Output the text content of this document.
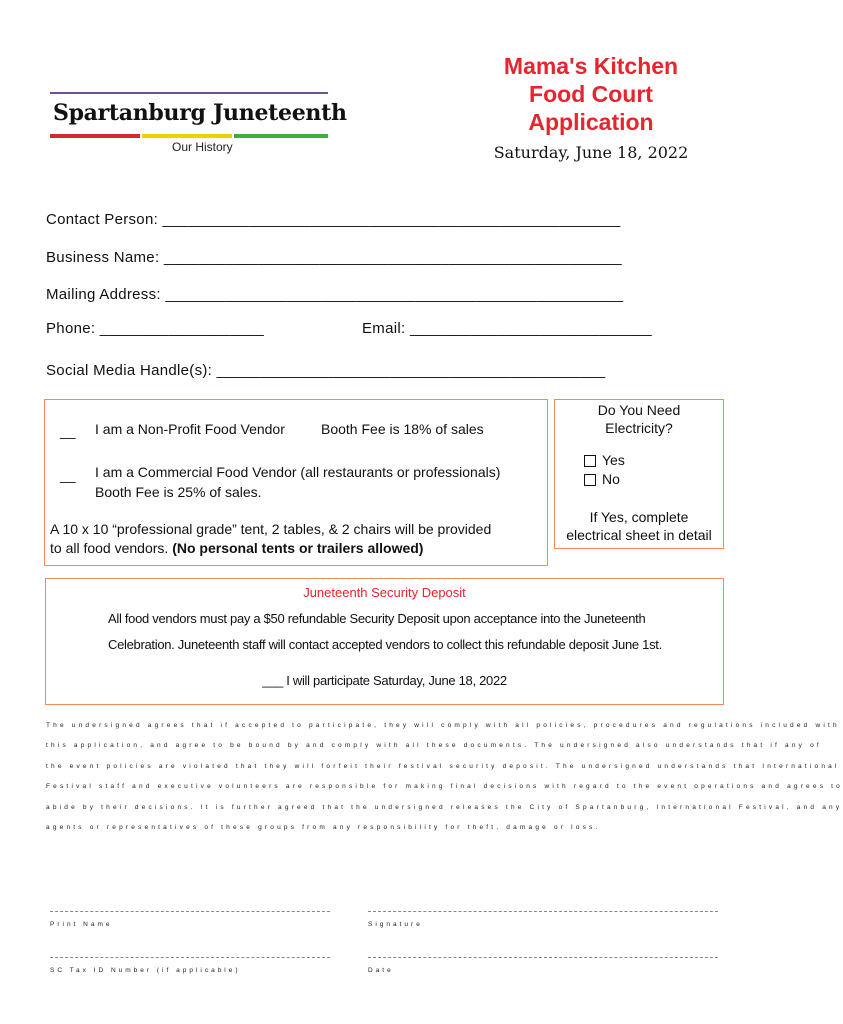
Spartanburg Juneteenth
Our History
Mama's Kitchen
Food Court
Application
Saturday, June 18, 2022
Contact Person: _____________________________________________________
Business Name: _____________________________________________________
Mailing Address: _____________________________________________________
Phone: ___________________	Email: ____________________________
Social Media Handle(s): _____________________________________________
__ I am a Non-Profit Food Vendor	Booth Fee is 18% of sales
__ I am a Commercial Food Vendor (all restaurants or professionals)
Booth Fee is 25% of sales.
A 10 x 10 “professional grade” tent, 2 tables, & 2 chairs will be provided
to all food vendors. (No personal tents or trailers allowed)
Do You Need
Electricity?
Yes
No
If Yes, complete
electrical sheet in detail
Juneteenth Security Deposit
All food vendors must pay a $50 refundable Security Deposit upon acceptance into the Juneteenth
Celebration. Juneteenth staff will contact accepted vendors to collect this refundable deposit June 1st.
___ I will participate Saturday, June 18, 2022
The undersigned agrees that if accepted to participate, they will comply with all policies, procedures and regulations included with
this application, and agree to be bound by and comply with all these documents. The undersigned also understands that if any of
the event policies are violated that they will forfeit their festival security deposit. The undersigned understands that International
Festival staff and executive volunteers are responsible for making final decisions with regard to the event operations and agrees to
abide by their decisions. It is further agreed that the undersigned releases the City of Spartanburg, International Festival, and any
agents or representatives of these groups from any responsibility for theft, damage or loss.
Print Name	Signature
SC Tax ID Number (if applicable)	Date
